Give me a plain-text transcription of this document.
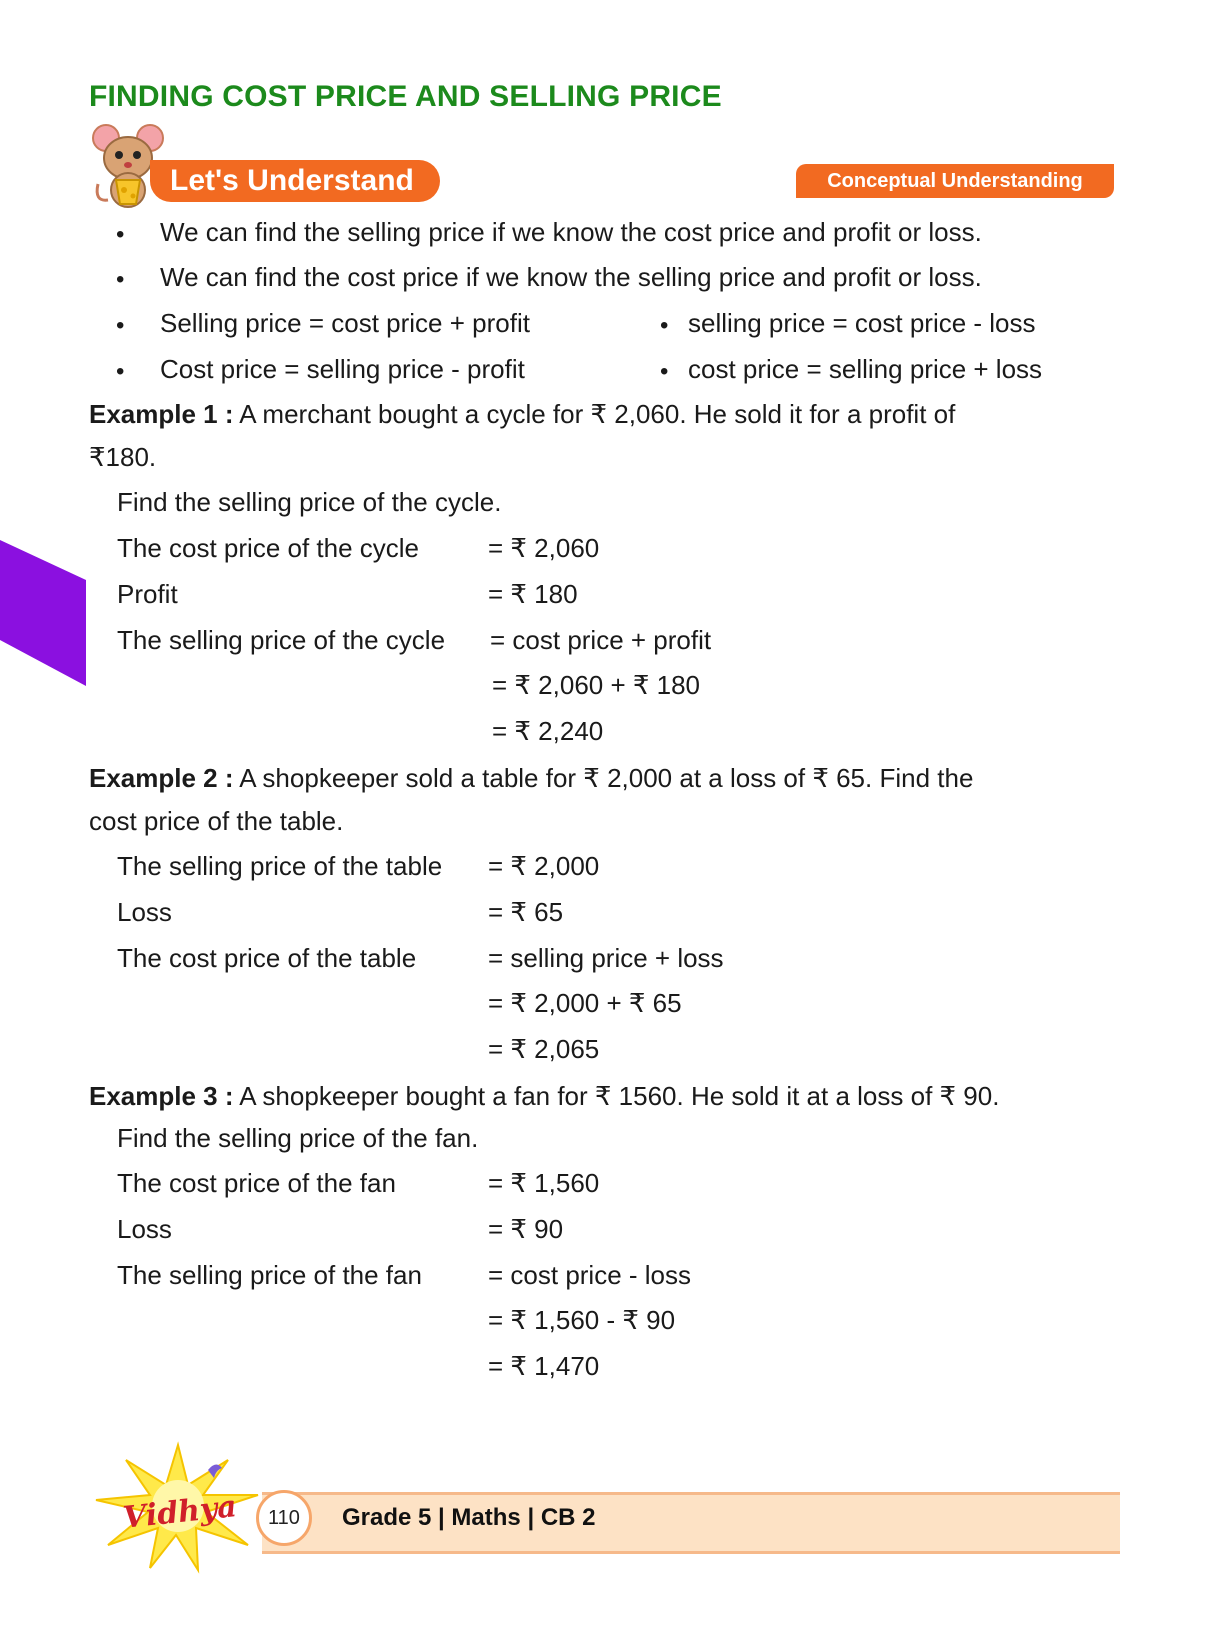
FINDING COST PRICE AND SELLING PRICE
Let's Understand	Conceptual Understanding
• We can find the selling price if we know the cost price and profit or loss.

• We can find the cost price if we know the selling price and profit or loss.

• Selling price = cost price + profit	• selling price = cost price - loss

• Cost price = selling price - profit	• cost price = selling price + loss

Example 1 : A merchant bought a cycle for ₹ 2,060. He sold it for a profit of

₹180.

Find the selling price of the cycle.

The cost price of the cycle	= ₹ 2,060

Profit	= ₹ 180

The selling price of the cycle = cost price + profit

= ₹ 2,060 + ₹ 180

= ₹ 2,240

Example 2 : A shopkeeper sold a table for ₹ 2,000 at a loss of ₹ 65. Find the

cost price of the table.

The selling price of the table = ₹ 2,000

Loss	= ₹ 65

The cost price of the table	= selling price + loss

= ₹ 2,000 + ₹ 65

= ₹ 2,065

Example 3 : A shopkeeper bought a fan for ₹ 1560. He sold it at a loss of ₹ 90.

Find the selling price of the fan.

The cost price of the fan	= ₹ 1,560

Loss	= ₹ 90

The selling price of the fan	= cost price - loss

= ₹ 1,560 - ₹ 90

= ₹ 1,470

Vidhya	110	Grade 5 | Maths | CB 2
